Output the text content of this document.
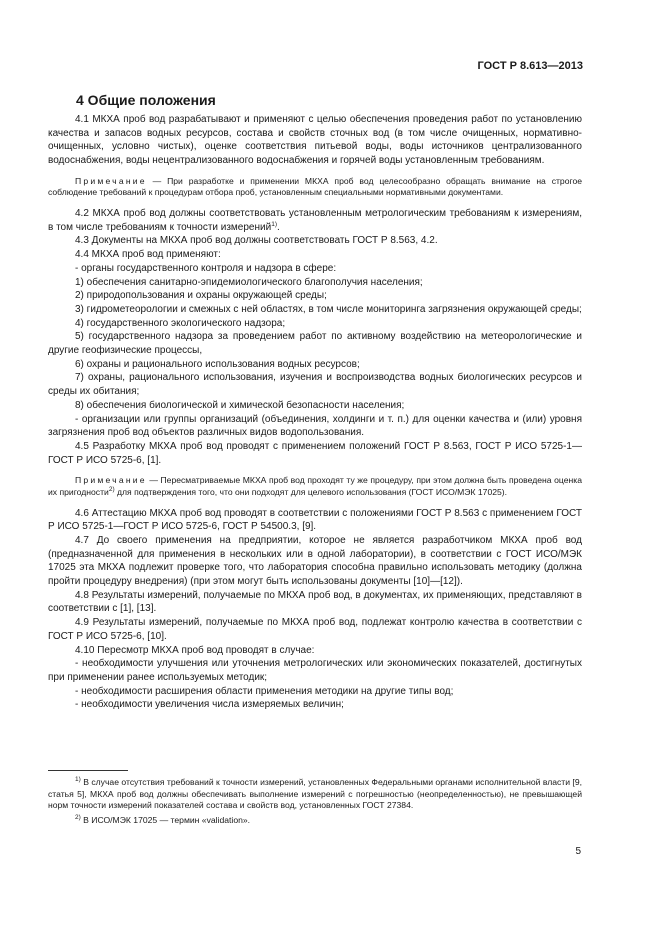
ГОСТ Р 8.613—2013
4 Общие положения

4.1 МКХА проб вод разрабатывают и применяют с целью обеспечения проведения работ по установлению качества и запасов водных ресурсов, состава и свойств сточных вод (в том числе очищенных, нормативно-очищенных, условно чистых), оценке соответствия питьевой воды, воды источников централизованного водоснабжения, воды нецентрализованного водоснабжения и горячей воды установленным требованиям.

Примечание — При разработке и применении МКХА проб вод целесообразно обращать внимание на строгое соблюдение требований к процедурам отбора проб, установленным специальными нормативными документами.

4.2 МКХА проб вод должны соответствовать установленным метрологическим требованиям к измерениям, в том числе требованиям к точности измерений$^{1)}$.

4.3 Документы на МКХА проб вод должны соответствовать ГОСТ Р 8.563, 4.2.

4.4 МКХА проб вод применяют:

- органы государственного контроля и надзора в сфере:

1) обеспечения санитарно-эпидемиологического благополучия населения;

2) природопользования и охраны окружающей среды;

3) гидрометеорологии и смежных с ней областях, в том числе мониторинга загрязнения окружающей среды;

4) государственного экологического надзора;

5) государственного надзора за проведением работ по активному воздействию на метеорологические и другие геофизические процессы,

6) охраны и рационального использования водных ресурсов;

7) охраны, рационального использования, изучения и воспроизводства водных биологических ресурсов и среды их обитания;

8) обеспечения биологической и химической безопасности населения;

- организации или группы организаций (объединения, холдинги и т. п.) для оценки качества и (или) уровня загрязнения проб вод объектов различных видов водопользования.

4.5 Разработку МКХА проб вод проводят с применением положений ГОСТ Р 8.563, ГОСТ Р ИСО 5725-1—ГОСТ Р ИСО 5725-6, [1].

Примечание — Пересматриваемые МКХА проб вод проходят ту же процедуру, при этом должна быть проведена оценка их пригодности$^{2)}$ для подтверждения того, что они подходят для целевого использования (ГОСТ ИСО/МЭК 17025).

4.6 Аттестацию МКХА проб вод проводят в соответствии с положениями ГОСТ Р 8.563 с применением ГОСТ Р ИСО 5725-1—ГОСТ Р ИСО 5725-6, ГОСТ Р 54500.3, [9].

4.7 До своего применения на предприятии, которое не является разработчиком МКХА проб вод (предназначенной для применения в нескольких или в одной лаборатории), в соответствии с ГОСТ ИСО/МЭК 17025 эта МКХА подлежит проверке того, что лаборатория способна правильно использовать методику (должна пройти процедуру внедрения) (при этом могут быть использованы документы [10]—[12]).

4.8 Результаты измерений, получаемые по МКХА проб вод, в документах, их применяющих, представляют в соответствии с [1], [13].

4.9 Результаты измерений, получаемые по МКХА проб вод, подлежат контролю качества в соответствии с ГОСТ Р ИСО 5725-6, [10].

4.10 Пересмотр МКХА проб вод проводят в случае:

- необходимости улучшения или уточнения метрологических или экономических показателей, достигнутых при применении ранее используемых методик;

- необходимости расширения области применения методики на другие типы вод;

- необходимости увеличения числа измеряемых величин;

$^{1)}$ В случае отсутствия требований к точности измерений, установленных Федеральными органами исполнительной власти [9, статья 5], МКХА проб вод должны обеспечивать выполнение измерений с погрешностью (неопределенностью), не превышающей норм точности измерений показателей состава и свойств вод, установленных ГОСТ 27384.

$^{2)}$ В ИСО/МЭК 17025 — термин «validation».

5
